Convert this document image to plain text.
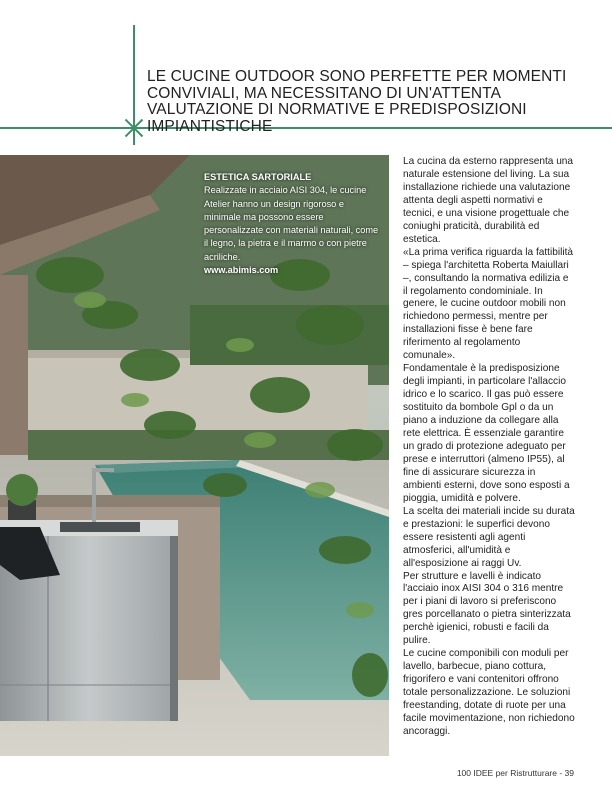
LE CUCINE OUTDOOR SONO PERFETTE PER MOMENTI CONVIVIALI, MA NECESSITANO DI UN'ATTENTA VALUTAZIONE DI NORMATIVE E PREDISPOSIZIONI IMPIANTISTICHE
ESTETICA SARTORIALE
Realizzate in acciaio AISI 304, le cucine Atelier hanno un design rigoroso e minimale ma possono essere personalizzate con materiali naturali, come il legno, la pietra e il marmo o con pietre acriliche.
www.abimis.com

La cucina da esterno rappresenta una naturale estensione del living. La sua installazione richiede una valutazione attenta degli aspetti normativi e tecnici, e una visione progettuale che coniughi praticità, durabilità ed estetica.

«La prima verifica riguarda la fattibilità – spiega l'architetta Roberta Maiullari –, consultando la normativa edilizia e il regolamento condominiale. In genere, le cucine outdoor mobili non richiedono permessi, mentre per installazioni fisse è bene fare riferimento al regolamento comunale».

Fondamentale è la predisposizione degli impianti, in particolare l'allaccio idrico e lo scarico. Il gas può essere sostituito da bombole Gpl o da un piano a induzione da collegare alla rete elettrica. È essenziale garantire un grado di protezione adeguato per prese e interruttori (almeno IP55), al fine di assicurare sicurezza in ambienti esterni, dove sono esposti a pioggia, umidità e polvere.

La scelta dei materiali incide su durata e prestazioni: le superfici devono essere resistenti agli agenti atmosferici, all'umidità e all'esposizione ai raggi Uv.

Per strutture e lavelli è indicato l'acciaio inox AISI 304 o 316 mentre per i piani di lavoro si preferiscono gres porcellanato o pietra sinterizzata perchè igienici, robusti e facili da pulire.

Le cucine componibili con moduli per lavello, barbecue, piano cottura, frigorifero e vani contenitori offrono totale personalizzazione. Le soluzioni freestanding, dotate di ruote per una facile movimentazione, non richiedono ancoraggi.

100 IDEE per Ristrutturare - 39
